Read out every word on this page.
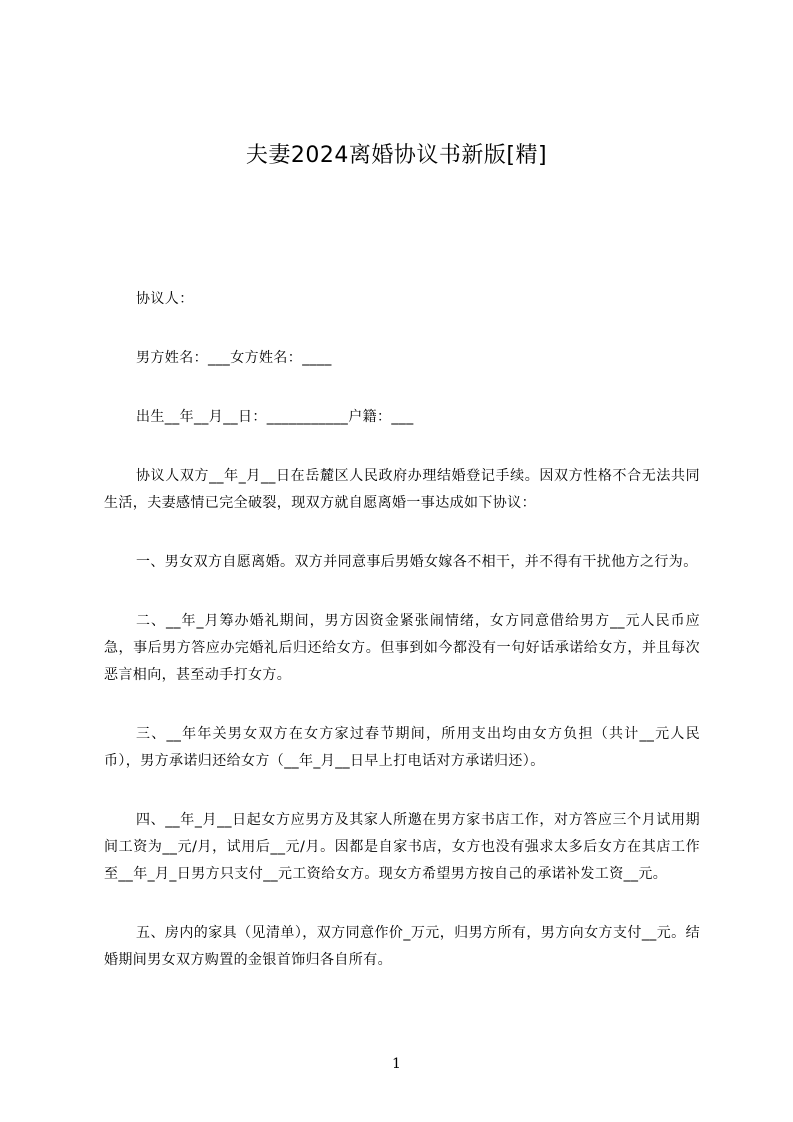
夫妻2024离婚协议书新版[精]

协议人：

男方姓名：___女方姓名：____

出生__年__月__日：___________户籍：___

协议人双方__年_月__日在岳麓区人民政府办理结婚登记手续。因双方性格不合无法共同生活，夫妻感情已完全破裂，现双方就自愿离婚一事达成如下协议：

一、男女双方自愿离婚。双方并同意事后男婚女嫁各不相干，并不得有干扰他方之行为。

二、__年_月筹办婚礼期间，男方因资金紧张闹情绪，女方同意借给男方__元人民币应急，事后男方答应办完婚礼后归还给女方。但事到如今都没有一句好话承诺给女方，并且每次恶言相向，甚至动手打女方。

三、__年年关男女双方在女方家过春节期间，所用支出均由女方负担（共计__元人民币），男方承诺归还给女方（__年_月__日早上打电话对方承诺归还）。

四、__年_月__日起女方应男方及其家人所邀在男方家书店工作，对方答应三个月试用期间工资为__元/月，试用后__元/月。因都是自家书店，女方也没有强求太多后女方在其店工作至__年_月_日男方只支付__元工资给女方。现女方希望男方按自己的承诺补发工资__元。

五、房内的家具（见清单），双方同意作价_万元，归男方所有，男方向女方支付__元。结婚期间男女双方购置的金银首饰归各自所有。

1
